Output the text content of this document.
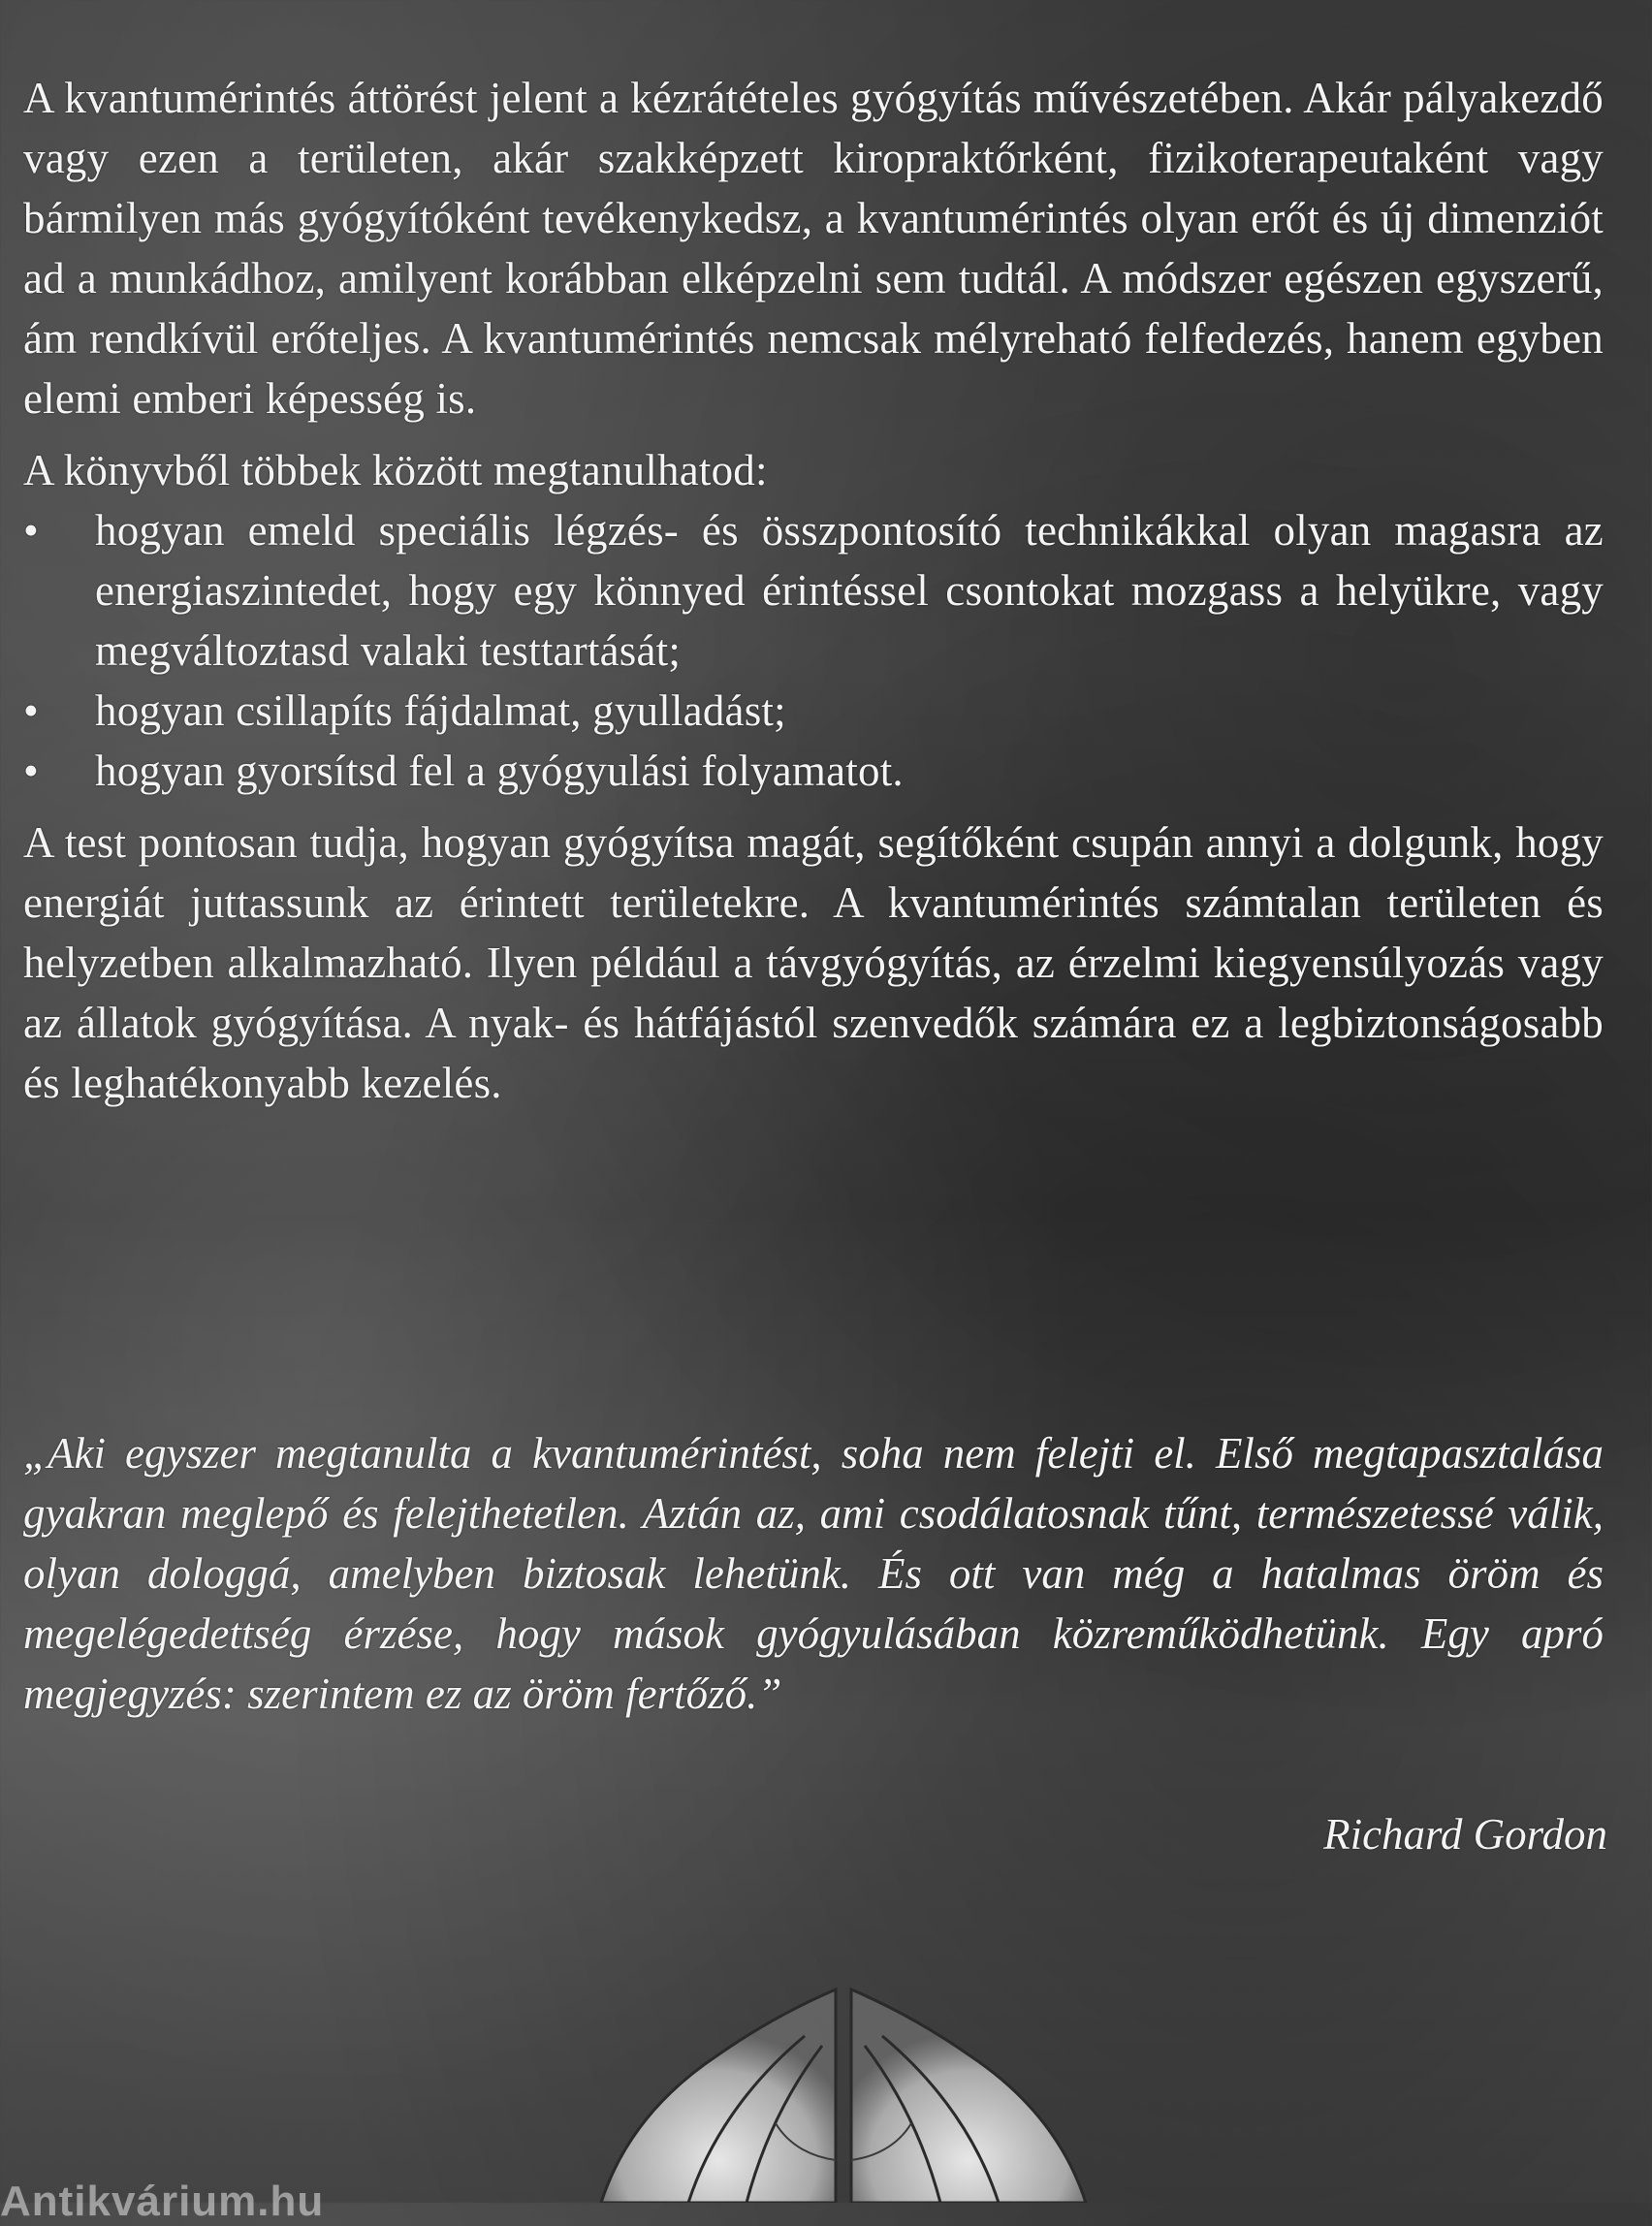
A kvantumérintés áttörést jelent a kézrátételes gyógyítás művészetében. Akár pályakezdő vagy ezen a területen, akár szakképzett kiropraktőrként, fizikoterapeutaként vagy bármilyen más gyógyítóként tevékenykedsz, a kvantumérintés olyan erőt és új dimenziót ad a munkádhoz, amilyent korábban elképzelni sem tudtál. A módszer egészen egyszerű, ám rendkívül erőteljes. A kvantumérintés nemcsak mélyreható felfedezés, hanem egyben elemi emberi képesség is.

A könyvből többek között megtanulhatod:

•	hogyan emeld speciális légzés- és összpontosító technikákkal olyan magasra az energiaszintedet, hogy egy könnyed érintéssel csontokat mozgass a helyükre, vagy megváltoztasd valaki testtartását;
•	hogyan csillapíts fájdalmat, gyulladást;
•	hogyan gyorsítsd fel a gyógyulási folyamatot.

A test pontosan tudja, hogyan gyógyítsa magát, segítőként csupán annyi a dolgunk, hogy energiát juttassunk az érintett területekre. A kvantumérintés számtalan területen és helyzetben alkalmazható. Ilyen például a távgyógyítás, az érzelmi kiegyensúlyozás vagy az állatok gyógyítása. A nyak- és hátfájástól szenvedők számára ez a legbiztonságosabb és leghatékonyabb kezelés.

„Aki egyszer megtanulta a kvantumérintést, soha nem felejti el. Első megtapasztalása gyakran meglepő és felejthetetlen. Aztán az, ami csodálatosnak tűnt, természetessé válik, olyan dologgá, amelyben biztosak lehetünk. És ott van még a hatalmas öröm és megelégedettség érzése, hogy mások gyógyulásában közreműködhetünk. Egy apró megjegyzés: szerintem ez az öröm fertőző.”

Richard Gordon
Antikvárium.hu
